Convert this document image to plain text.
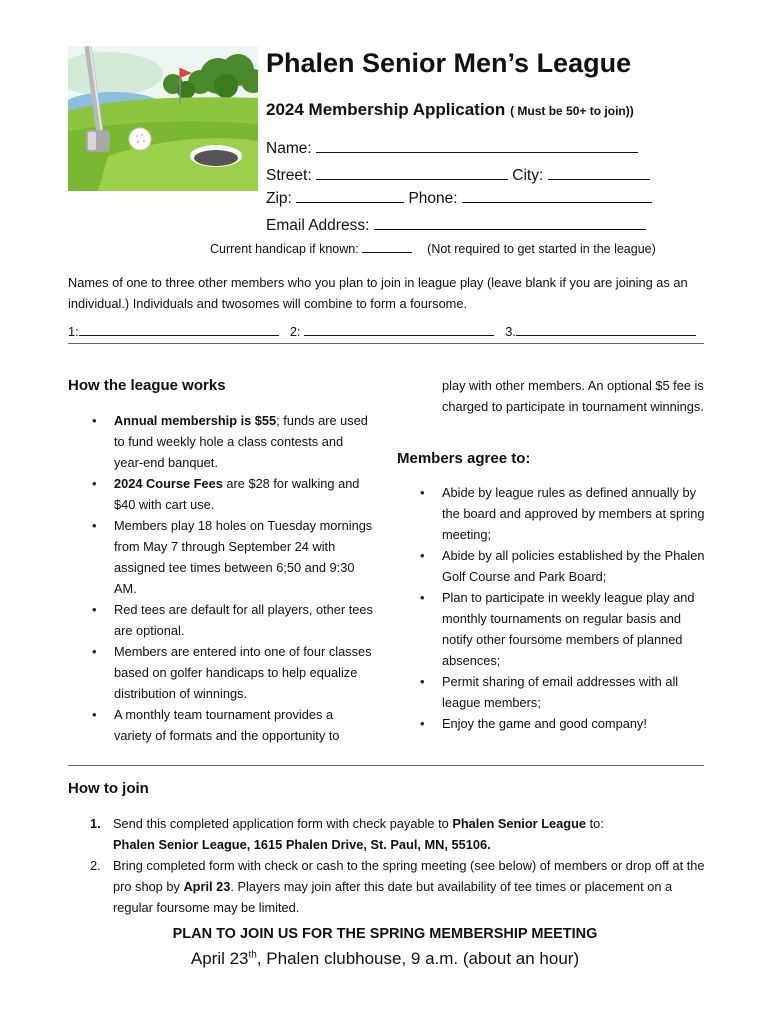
Phalen Senior Men’s League
2024 Membership Application ( Must be 50+ to join))
Name:
Street:	City:
Zip:	Phone:
Email Address:
Current handicap if known:	(Not required to get started in the league)
Names of one to three other members who you plan to join in league play (leave blank if you are joining as an individual.) Individuals and twosomes will combine to form a foursome.
1:	2:	3.
How the league works
• Annual membership is $55; funds are used to fund weekly hole a class contests and year-end banquet.
• 2024 Course Fees are $28 for walking and $40 with cart use.
• Members play 18 holes on Tuesday mornings from May 7 through September 24 with assigned tee times between 6;50 and 9:30 AM.
• Red tees are default for all players, other tees are optional.
• Members are entered into one of four classes based on golfer handicaps to help equalize distribution of winnings.
• A monthly team tournament provides a variety of formats and the opportunity to
play with other members. An optional $5 fee is charged to participate in tournament winnings.
Members agree to:
• Abide by league rules as defined annually by the board and approved by members at spring meeting;
• Abide by all policies established by the Phalen Golf Course and Park Board;
• Plan to participate in weekly league play and monthly tournaments on regular basis and notify other foursome members of planned absences;
• Permit sharing of email addresses with all league members;
• Enjoy the game and good company!
How to join
1. Send this completed application form with check payable to Phalen Senior League to:
Phalen Senior League, 1615 Phalen Drive, St. Paul, MN, 55106.
2. Bring completed form with check or cash to the spring meeting (see below) of members or drop off at the pro shop by April 23. Players may join after this date but availability of tee times or placement on a regular foursome may be limited.
PLAN TO JOIN US FOR THE SPRING MEMBERSHIP MEETING
April 23th, Phalen clubhouse, 9 a.m. (about an hour)
